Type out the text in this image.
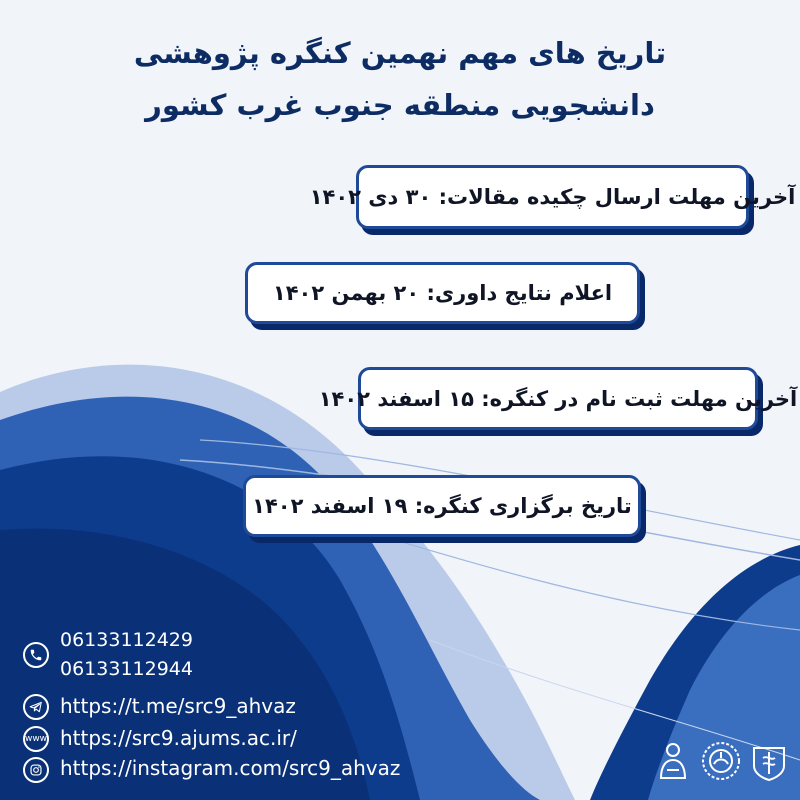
تاریخ های مهم نهمین کنگره پژوهشی
دانشجویی منطقه جنوب غرب کشور
آخرین مهلت ارسال چکیده مقالات: ۳۰ دی ۱۴۰۲
اعلام نتایج داوری: ۲۰ بهمن ۱۴۰۲
آخرین مهلت ثبت نام در کنگره: ۱۵ اسفند ۱۴۰۲
تاریخ برگزاری کنگره: ۱۹ اسفند ۱۴۰۲
06133112429
06133112944
https://t.me/src9_ahvaz
www https://src9.ajums.ac.ir/
https://instagram.com/src9_ahvaz
